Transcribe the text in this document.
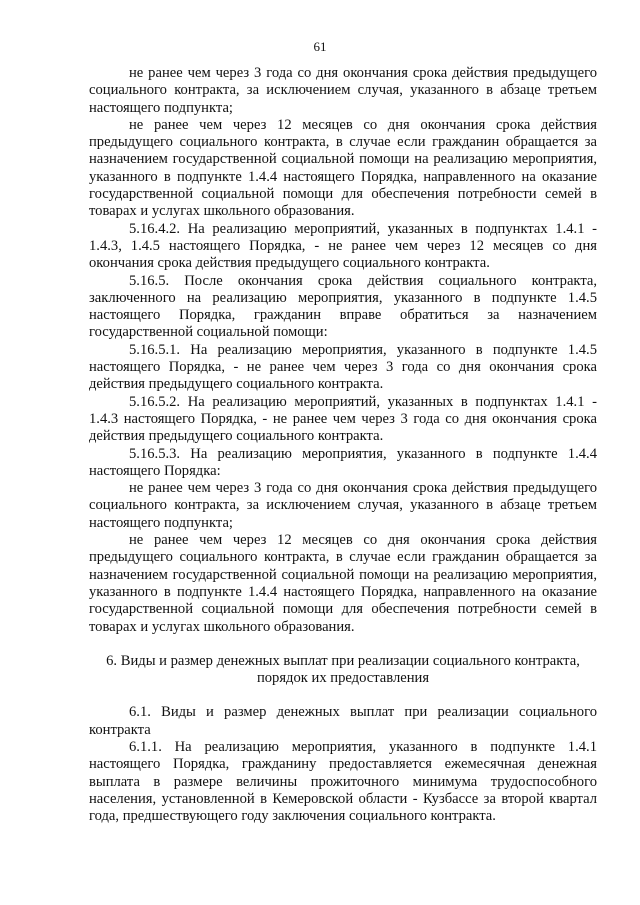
61

не ранее чем через 3 года со дня окончания срока действия предыдущего социального контракта, за исключением случая, указанного в абзаце третьем настоящего подпункта;

не ранее чем через 12 месяцев со дня окончания срока действия предыдущего социального контракта, в случае если гражданин обращается за назначением государственной социальной помощи на реализацию мероприятия, указанного в подпункте 1.4.4 настоящего Порядка, направленного на оказание государственной социальной помощи для обеспечения потребности семей в товарах и услугах школьного образования.

5.16.4.2. На реализацию мероприятий, указанных в подпунктах 1.4.1 - 1.4.3, 1.4.5 настоящего Порядка, - не ранее чем через 12 месяцев со дня окончания срока действия предыдущего социального контракта.

5.16.5. После окончания срока действия социального контракта, заключенного на реализацию мероприятия, указанного в подпункте 1.4.5 настоящего Порядка, гражданин вправе обратиться за назначением государственной социальной помощи:

5.16.5.1. На реализацию мероприятия, указанного в подпункте 1.4.5 настоящего Порядка, - не ранее чем через 3 года со дня окончания срока действия предыдущего социального контракта.

5.16.5.2. На реализацию мероприятий, указанных в подпунктах 1.4.1 - 1.4.3 настоящего Порядка, - не ранее чем через 3 года со дня окончания срока действия предыдущего социального контракта.

5.16.5.3. На реализацию мероприятия, указанного в подпункте 1.4.4 настоящего Порядка:

не ранее чем через 3 года со дня окончания срока действия предыдущего социального контракта, за исключением случая, указанного в абзаце третьем настоящего подпункта;

не ранее чем через 12 месяцев со дня окончания срока действия предыдущего социального контракта, в случае если гражданин обращается за назначением государственной социальной помощи на реализацию мероприятия, указанного в подпункте 1.4.4 настоящего Порядка, направленного на оказание государственной социальной помощи для обеспечения потребности семей в товарах и услугах школьного образования.

6. Виды и размер денежных выплат при реализации социального контракта,
порядок их предоставления

6.1. Виды и размер денежных выплат при реализации социального контракта

6.1.1. На реализацию мероприятия, указанного в подпункте 1.4.1 настоящего Порядка, гражданину предоставляется ежемесячная денежная выплата в размере величины прожиточного минимума трудоспособного населения, установленной в Кемеровской области - Кузбассе за второй квартал года, предшествующего году заключения социального контракта.
